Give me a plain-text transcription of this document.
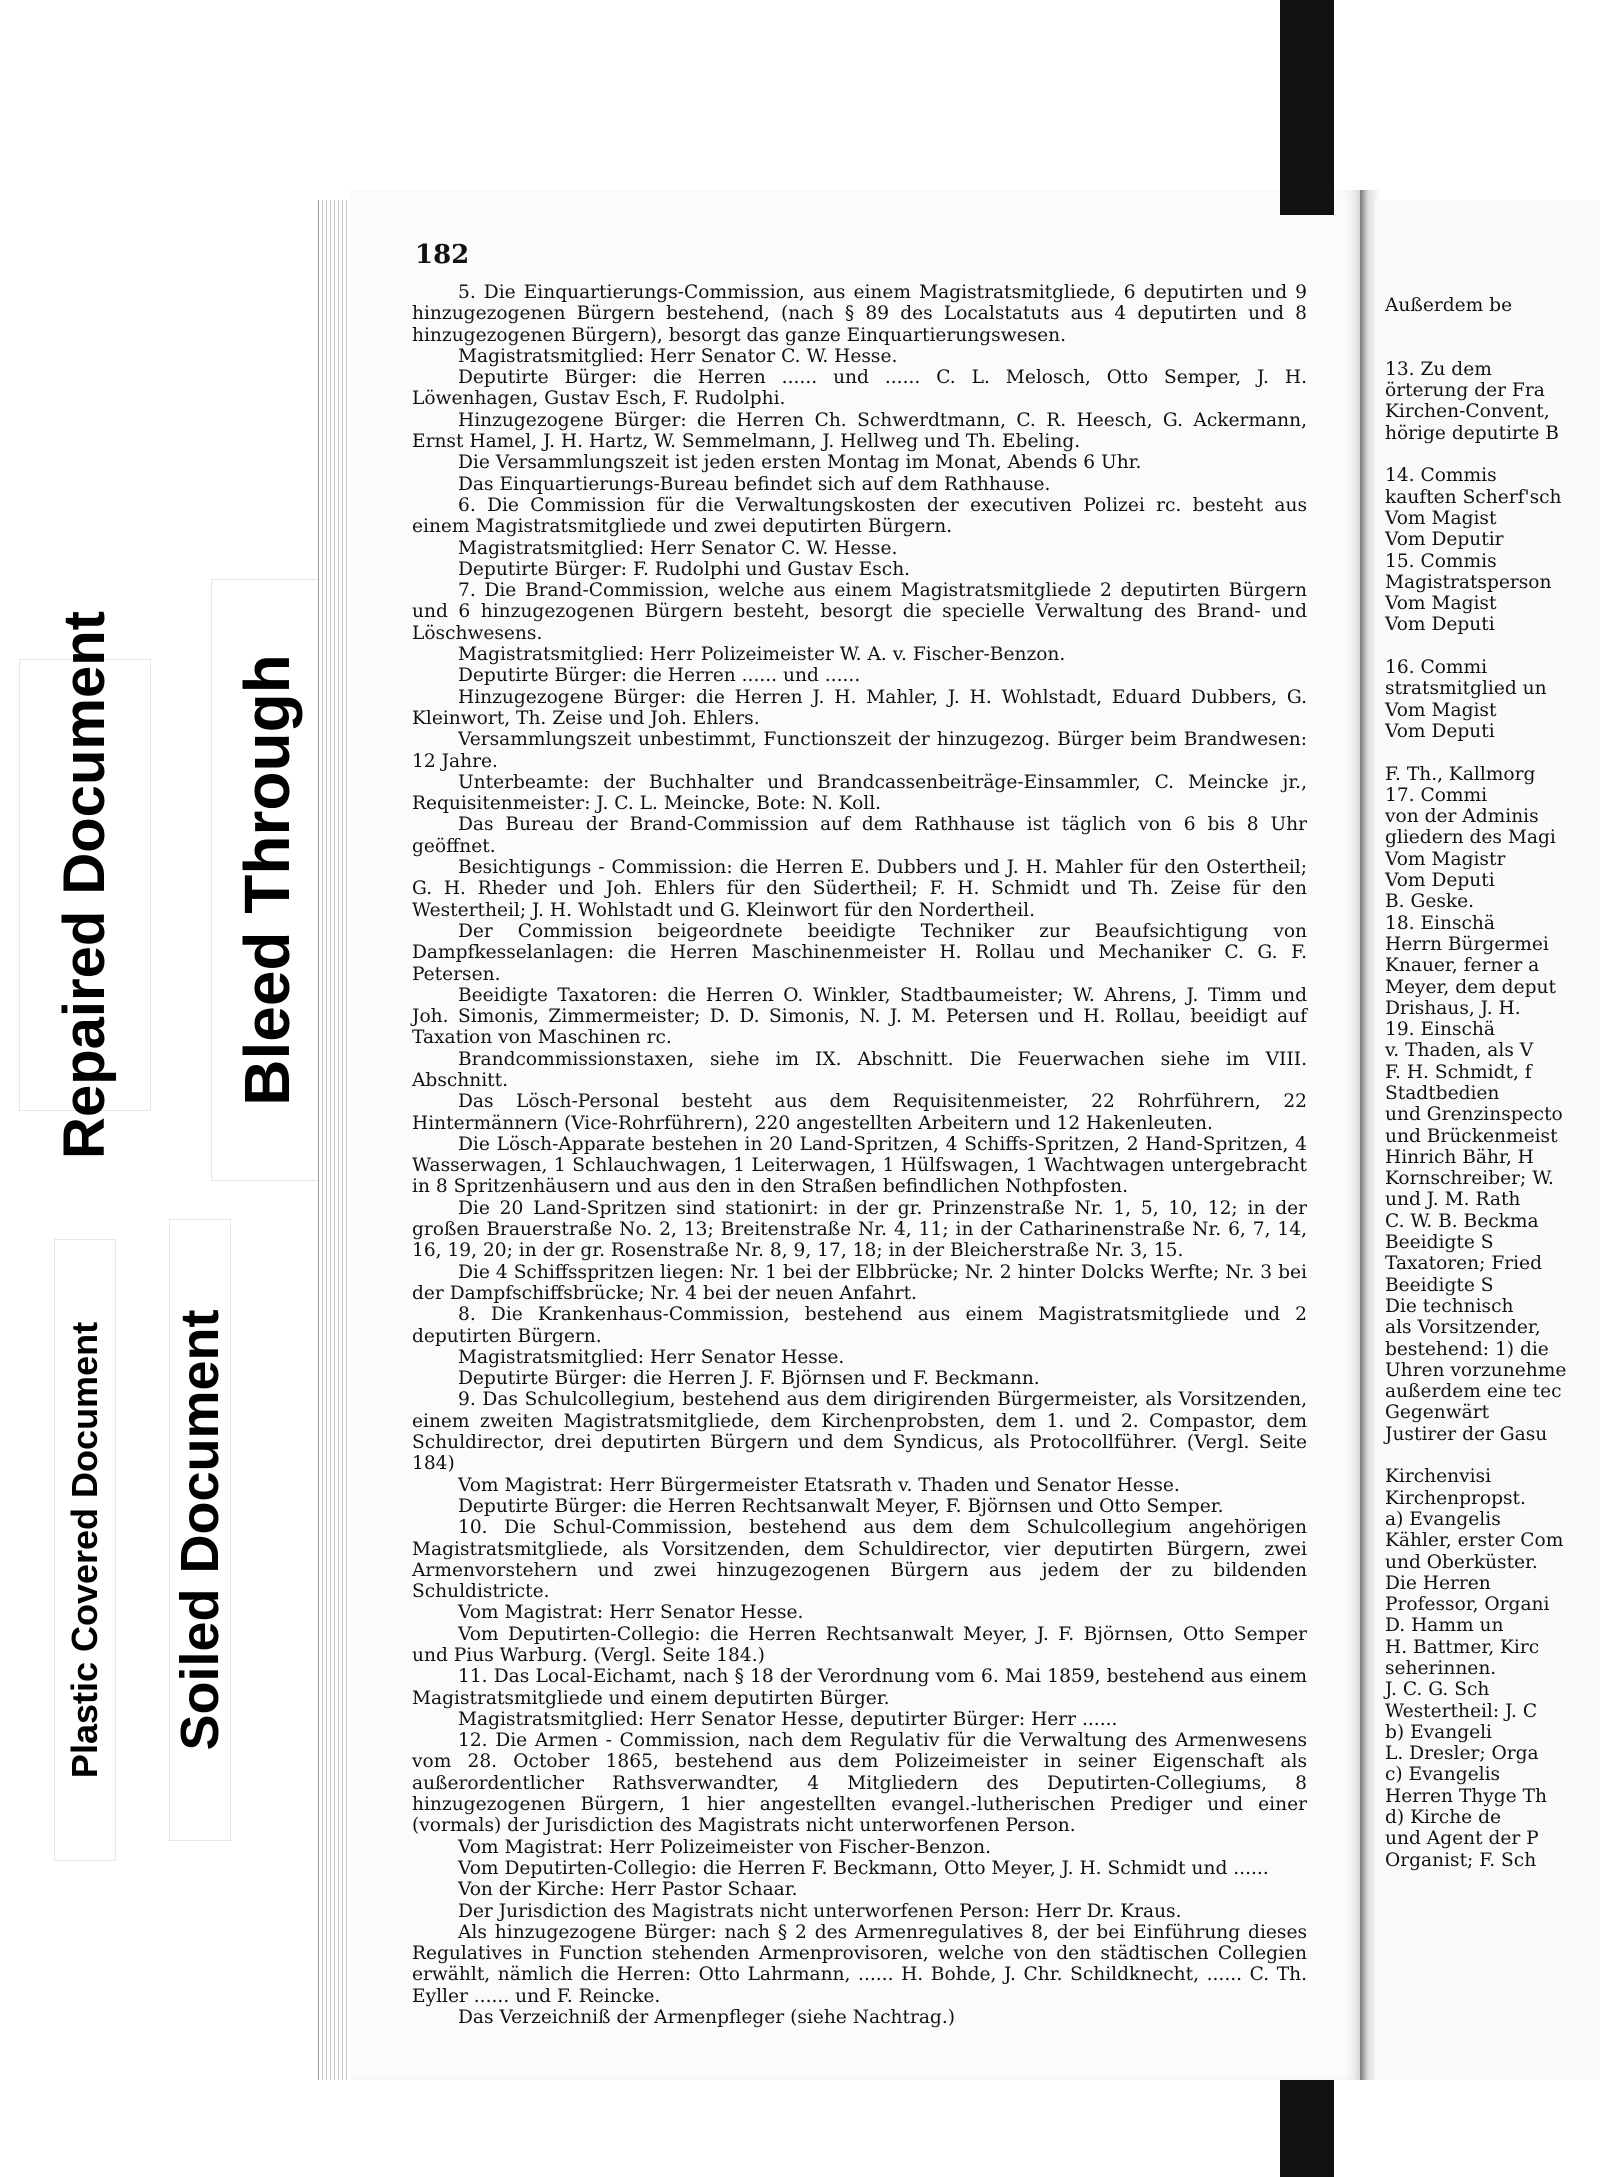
Repaired Document Bleed Through
Plastic Covered Document Soiled Document

Außerdem be

13. Zu dem

örterung der Fra

Kirchen-Convent,

hörige deputirte B

14. Commis

kauften Scherf'sch

Vom Magist

Vom Deputir

15. Commis

Magistratsperson

Vom Magist

Vom Deputi

16. Commi

stratsmitglied un

Vom Magist

Vom Deputi

F. Th., Kallmorg

17. Commi

von der Adminis

gliedern des Magi

Vom Magistr

Vom Deputi

B. Geske.

18. Einschä

Herrn Bürgermei

Knauer, ferner a

Meyer, dem deput

Drishaus, J. H.

19. Einschä

v. Thaden, als V

F. H. Schmidt, f

Stadtbedien

und Grenzinspecto

und Brückenmeist

Hinrich Bähr, H

Kornschreiber; W.

und J. M. Rath

C. W. B. Beckma

Beeidigte S

Taxatoren; Fried

Beeidigte S

Die technisch

als Vorsitzender,

bestehend: 1) die

Uhren vorzunehme

außerdem eine tec

Gegenwärt

Justirer der Gasu

Kirchenvisi

Kirchenpropst.

a) Evangelis

Kähler, erster Com

und Oberküster.

Die Herren

Professor, Organi

D. Hamm un

H. Battmer, Kirc

seherinnen.

J. C. G. Sch

Westertheil: J. C

b) Evangeli

L. Dresler; Orga

c) Evangelis

Herren Thyge Th

d) Kirche de

und Agent der P

Organist; F. Sch

182

5. Die Einquartierungs-Commission, aus einem Magistratsmitgliede, 6 deputirten und 9 hinzugezogenen Bürgern bestehend, (nach § 89 des Localstatuts aus 4 deputirten und 8 hinzugezogenen Bürgern), besorgt das ganze Einquartierungswesen.

Magistratsmitglied: Herr Senator C. W. Hesse.

Deputirte Bürger: die Herren ...... und ...... C. L. Melosch, Otto Semper, J. H. Löwenhagen, Gustav Esch, F. Rudolphi.

Hinzugezogene Bürger: die Herren Ch. Schwerdtmann, C. R. Heesch, G. Ackermann, Ernst Hamel, J. H. Hartz, W. Semmelmann, J. Hellweg und Th. Ebeling.

Die Versammlungszeit ist jeden ersten Montag im Monat, Abends 6 Uhr.

Das Einquartierungs-Bureau befindet sich auf dem Rathhause.

6. Die Commission für die Verwaltungskosten der executiven Polizei rc. besteht aus einem Magistratsmitgliede und zwei deputirten Bürgern.

Magistratsmitglied: Herr Senator C. W. Hesse.

Deputirte Bürger: F. Rudolphi und Gustav Esch.

7. Die Brand-Commission, welche aus einem Magistratsmitgliede 2 deputirten Bürgern und 6 hinzugezogenen Bürgern besteht, besorgt die specielle Verwaltung des Brand- und Löschwesens.

Magistratsmitglied: Herr Polizeimeister W. A. v. Fischer-Benzon.

Deputirte Bürger: die Herren ...... und ......

Hinzugezogene Bürger: die Herren J. H. Mahler, J. H. Wohlstadt, Eduard Dubbers, G. Kleinwort, Th. Zeise und Joh. Ehlers.

Versammlungszeit unbestimmt, Functionszeit der hinzugezog. Bürger beim Brandwesen: 12 Jahre.

Unterbeamte: der Buchhalter und Brandcassenbeiträge-Einsammler, C. Meincke jr., Requisitenmeister: J. C. L. Meincke, Bote: N. Koll.

Das Bureau der Brand-Commission auf dem Rathhause ist täglich von 6 bis 8 Uhr geöffnet.

Besichtigungs - Commission: die Herren E. Dubbers und J. H. Mahler für den Ostertheil; G. H. Rheder und Joh. Ehlers für den Südertheil; F. H. Schmidt und Th. Zeise für den Westertheil; J. H. Wohlstadt und G. Kleinwort für den Nordertheil.

Der Commission beigeordnete beeidigte Techniker zur Beaufsichtigung von Dampfkesselanlagen: die Herren Maschinenmeister H. Rollau und Mechaniker C. G. F. Petersen.

Beeidigte Taxatoren: die Herren O. Winkler, Stadtbaumeister; W. Ahrens, J. Timm und Joh. Simonis, Zimmermeister; D. D. Simonis, N. J. M. Petersen und H. Rollau, beeidigt auf Taxation von Maschinen rc.

Brandcommissionstaxen, siehe im IX. Abschnitt. Die Feuerwachen siehe im VIII. Abschnitt.

Das Lösch-Personal besteht aus dem Requisitenmeister, 22 Rohrführern, 22 Hintermännern (Vice-Rohrführern), 220 angestellten Arbeitern und 12 Hakenleuten.

Die Lösch-Apparate bestehen in 20 Land-Spritzen, 4 Schiffs-Spritzen, 2 Hand-Spritzen, 4 Wasserwagen, 1 Schlauchwagen, 1 Leiterwagen, 1 Hülfswagen, 1 Wachtwagen untergebracht in 8 Spritzenhäusern und aus den in den Straßen befindlichen Nothpfosten.

Die 20 Land-Spritzen sind stationirt: in der gr. Prinzenstraße Nr. 1, 5, 10, 12; in der großen Brauerstraße No. 2, 13; Breitenstraße Nr. 4, 11; in der Catharinenstraße Nr. 6, 7, 14, 16, 19, 20; in der gr. Rosenstraße Nr. 8, 9, 17, 18; in der Bleicherstraße Nr. 3, 15.

Die 4 Schiffsspritzen liegen: Nr. 1 bei der Elbbrücke; Nr. 2 hinter Dolcks Werfte; Nr. 3 bei der Dampfschiffsbrücke; Nr. 4 bei der neuen Anfahrt.

8. Die Krankenhaus-Commission, bestehend aus einem Magistratsmitgliede und 2 deputirten Bürgern.

Magistratsmitglied: Herr Senator Hesse.

Deputirte Bürger: die Herren J. F. Björnsen und F. Beckmann.

9. Das Schulcollegium, bestehend aus dem dirigirenden Bürgermeister, als Vorsitzenden, einem zweiten Magistratsmitgliede, dem Kirchenprobsten, dem 1. und 2. Compastor, dem Schuldirector, drei deputirten Bürgern und dem Syndicus, als Protocollführer. (Vergl. Seite 184)

Vom Magistrat: Herr Bürgermeister Etatsrath v. Thaden und Senator Hesse.

Deputirte Bürger: die Herren Rechtsanwalt Meyer, F. Björnsen und Otto Semper.

10. Die Schul-Commission, bestehend aus dem dem Schulcollegium angehörigen Magistratsmitgliede, als Vorsitzenden, dem Schuldirector, vier deputirten Bürgern, zwei Armenvorstehern und zwei hinzugezogenen Bürgern aus jedem der zu bildenden Schuldistricte.

Vom Magistrat: Herr Senator Hesse.

Vom Deputirten-Collegio: die Herren Rechtsanwalt Meyer, J. F. Björnsen, Otto Semper und Pius Warburg. (Vergl. Seite 184.)

11. Das Local-Eichamt, nach § 18 der Verordnung vom 6. Mai 1859, bestehend aus einem Magistratsmitgliede und einem deputirten Bürger.

Magistratsmitglied: Herr Senator Hesse, deputirter Bürger: Herr ......

12. Die Armen - Commission, nach dem Regulativ für die Verwaltung des Armenwesens vom 28. October 1865, bestehend aus dem Polizeimeister in seiner Eigenschaft als außerordentlicher Rathsverwandter, 4 Mitgliedern des Deputirten-Collegiums, 8 hinzugezogenen Bürgern, 1 hier angestellten evangel.-lutherischen Prediger und einer (vormals) der Jurisdiction des Magistrats nicht unterworfenen Person.

Vom Magistrat: Herr Polizeimeister von Fischer-Benzon.

Vom Deputirten-Collegio: die Herren F. Beckmann, Otto Meyer, J. H. Schmidt und ......

Von der Kirche: Herr Pastor Schaar.

Der Jurisdiction des Magistrats nicht unterworfenen Person: Herr Dr. Kraus.

Als hinzugezogene Bürger: nach § 2 des Armenregulatives 8, der bei Einführung dieses Regulatives in Function stehenden Armenprovisoren, welche von den städtischen Collegien erwählt, nämlich die Herren: Otto Lahrmann, ...... H. Bohde, J. Chr. Schildknecht, ...... C. Th. Eyller ...... und F. Reincke.

Das Verzeichniß der Armenpfleger (siehe Nachtrag.)
